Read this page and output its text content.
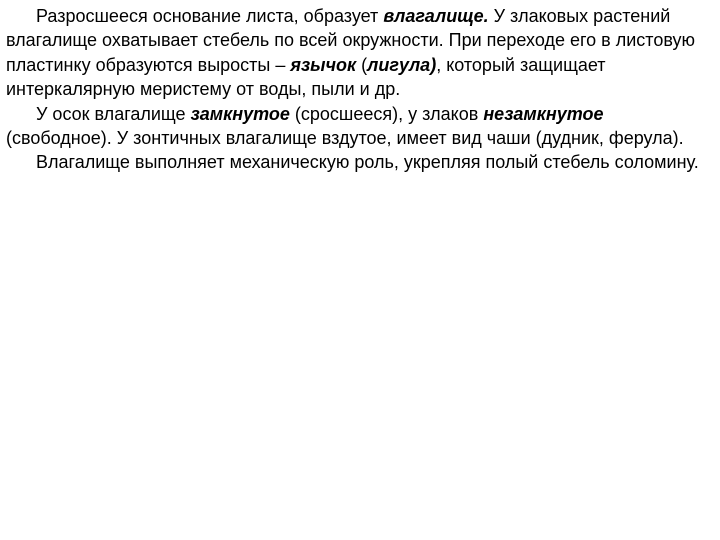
Разросшееся основание листа, образует влагалище. У злаковых растений влагалище охватывает стебель по всей окружности. При переходе его в листовую пластинку образуются выросты – язычок (лигула), который защищает интеркалярную меристему от воды, пыли и др.

У осок влагалище замкнутое (сросшееся), у злаков незамкнутое (свободное). У зонтичных влагалище вздутое, имеет вид чаши (дудник, ферула).

Влагалище выполняет механическую роль, укрепляя полый стебель соломину.
